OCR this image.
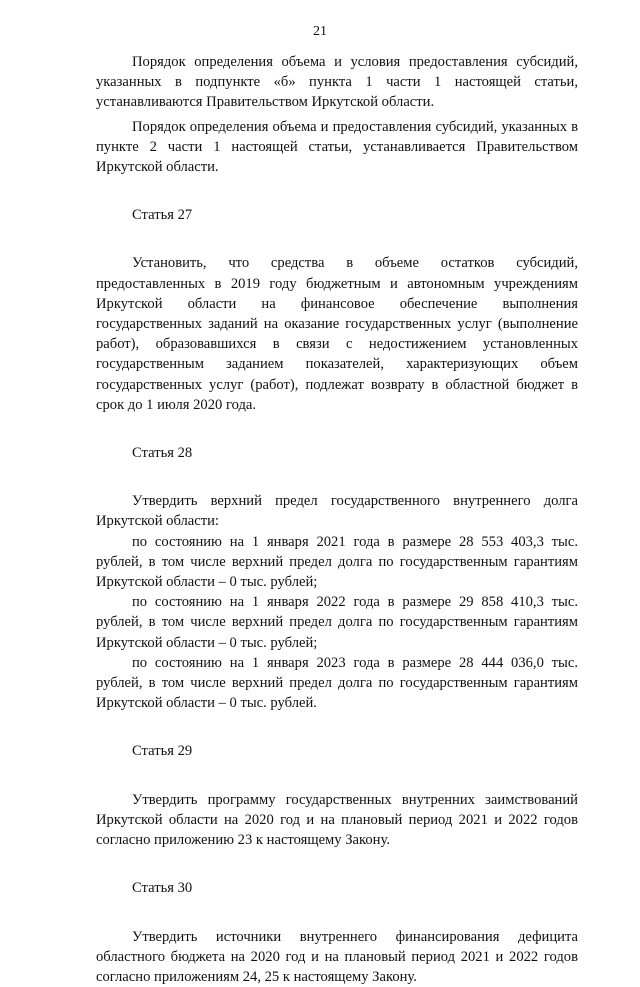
21

Порядок определения объема и условия предоставления субсидий, указанных в подпункте «б» пункта 1 части 1 настоящей статьи, устанавливаются Правительством Иркутской области.

Порядок определения объема и предоставления субсидий, указанных в пункте 2 части 1 настоящей статьи, устанавливается Правительством Иркутской области.

Статья 27

Установить, что средства в объеме остатков субсидий, предоставленных в 2019 году бюджетным и автономным учреждениям Иркутской области на финансовое обеспечение выполнения государственных заданий на оказание государственных услуг (выполнение работ), образовавшихся в связи с недостижением установленных государственным заданием показателей, характеризующих объем государственных услуг (работ), подлежат возврату в областной бюджет в срок до 1 июля 2020 года.

Статья 28

Утвердить верхний предел государственного внутреннего долга Иркутской области:

по состоянию на 1 января 2021 года в размере 28 553 403,3 тыс. рублей, в том числе верхний предел долга по государственным гарантиям Иркутской области – 0 тыс. рублей;

по состоянию на 1 января 2022 года в размере 29 858 410,3 тыс. рублей, в том числе верхний предел долга по государственным гарантиям Иркутской области – 0 тыс. рублей;

по состоянию на 1 января 2023 года в размере 28 444 036,0 тыс. рублей, в том числе верхний предел долга по государственным гарантиям Иркутской области – 0 тыс. рублей.

Статья 29

Утвердить программу государственных внутренних заимствований Иркутской области на 2020 год и на плановый период 2021 и 2022 годов согласно приложению 23 к настоящему Закону.

Статья 30

Утвердить источники внутреннего финансирования дефицита областного бюджета на 2020 год и на плановый период 2021 и 2022 годов согласно приложениям 24, 25 к настоящему Закону.
